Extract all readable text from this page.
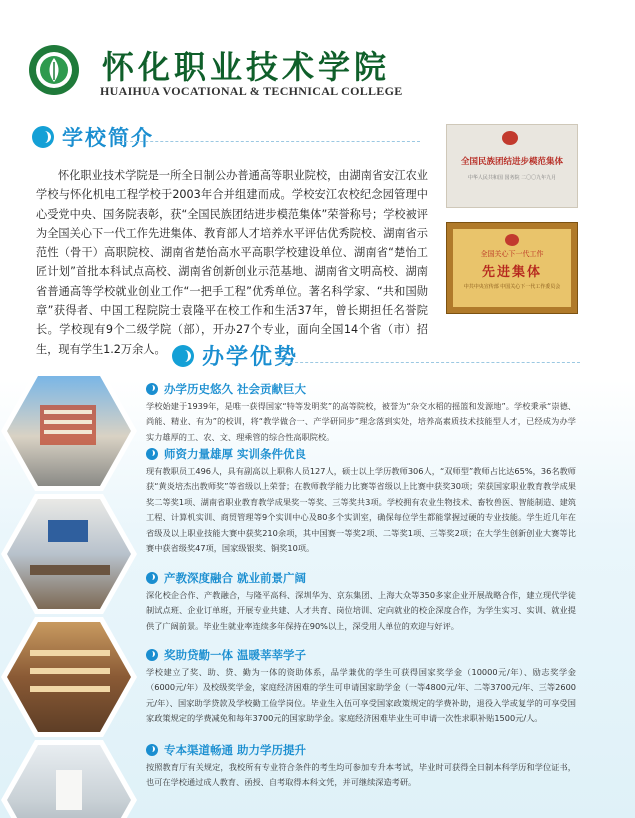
怀化职业技术学院
HUAIHUA VOCATIONAL & TECHNICAL COLLEGE
学校简介
怀化职业技术学院是一所全日制公办普通高等职业院校，由湖南省安江农业学校与怀化机电工程学校于2003年合并组建而成。学校安江农校纪念园管理中心受党中央、国务院表彰，获“全国民族团结进步模范集体”荣誉称号；学校被评为全国关心下一代工作先进集体、教育部人才培养水平评估优秀院校、湖南省示范性（骨干）高职院校、湖南省楚怡高水平高职学校建设单位、湖南省“楚怡工匠计划”首批本科试点高校、湖南省创新创业示范基地、湖南省文明高校、湖南省普通高等学校就业创业工作“一把手工程”优秀单位。著名科学家、“共和国勋章”获得者、中国工程院院士袁隆平在校工作和生活37年，曾长期担任名誉院长。学校现有9个二级学院（部），开办27个专业，面向全国14个省（市）招生，现有学生1.2万余人。
全国民族团结进步模范集体
中华人民共和国 国务院 二〇〇九年九月
全国关心下一代工作
先进集体
中共中央宣传部 中国关心下一代工作委员会
办学优势
办学历史悠久 社会贡献巨大
学校始建于1939年，是唯一获得国家“特等发明奖”的高等院校，被誉为“杂交水稻的摇篮和发源地”。学校秉承“崇德、尚能、精业、有为”的校训，将“教学做合一、产学研同步”理念落到实处，培养高素质技术技能型人才，已经成为办学实力雄厚的工、农、文、理乘管的综合性高职院校。
师资力量雄厚 实训条件优良
现有教职员工496人，具有副高以上职称人员127人，硕士以上学历教师306人，“双师型”教师占比达65%，36名教师获“黄炎培杰出教师奖”等省级以上荣誉；在教师教学能力比赛等省级以上比赛中获奖30项；荣获国家职业教育教学成果奖二等奖1项、湖南省职业教育教学成果奖一等奖、三等奖共3项。学校拥有农业生物技术、畜牧兽医、智能制造、建筑工程、计算机实训、商贸管理等9个实训中心及80多个实训室，确保每位学生都能掌握过硬的专业技能。学生近几年在省级及以上职业技能大赛中获奖210余项，其中国赛一等奖2项、二等奖1项、三等奖2项；在大学生创新创业大赛等比赛中获省级奖47项，国家级银奖、铜奖10项。
产教深度融合 就业前景广阔
深化校企合作、产教融合，与隆平高科、深圳华为、京东集团、上海大众等350多家企业开展战略合作，建立现代学徒制试点班、企业订单班，开展专业共建、人才共育、岗位培训、定向就业的校企深度合作，为学生实习、实训、就业提供了广阔前景。毕业生就业率连续多年保持在90%以上，深受用人单位的欢迎与好评。
奖助贷勤一体 温暖莘莘学子
学校建立了奖、助、贷、勤为一体的资助体系，品学兼优的学生可获得国家奖学金（10000元/年）、励志奖学金（6000元/年）及校级奖学金，家庭经济困难的学生可申请国家助学金（一等4800元/年、二等3700元/年、三等2600元/年）、国家助学贷款及学校勤工俭学岗位。毕业生入伍可享受国家政策规定的学费补助，退役入学或复学的可享受国家政策规定的学费减免和每年3700元的国家助学金。家庭经济困难毕业生可申请一次性求职补贴1500元/人。
专本渠道畅通 助力学历提升
按照教育厅有关规定，我校所有专业符合条件的考生均可参加专升本考试，毕业时可获得全日制本科学历和学位证书，也可在学校通过成人教育、函授、自考取得本科文凭，并可继续深造考研。
